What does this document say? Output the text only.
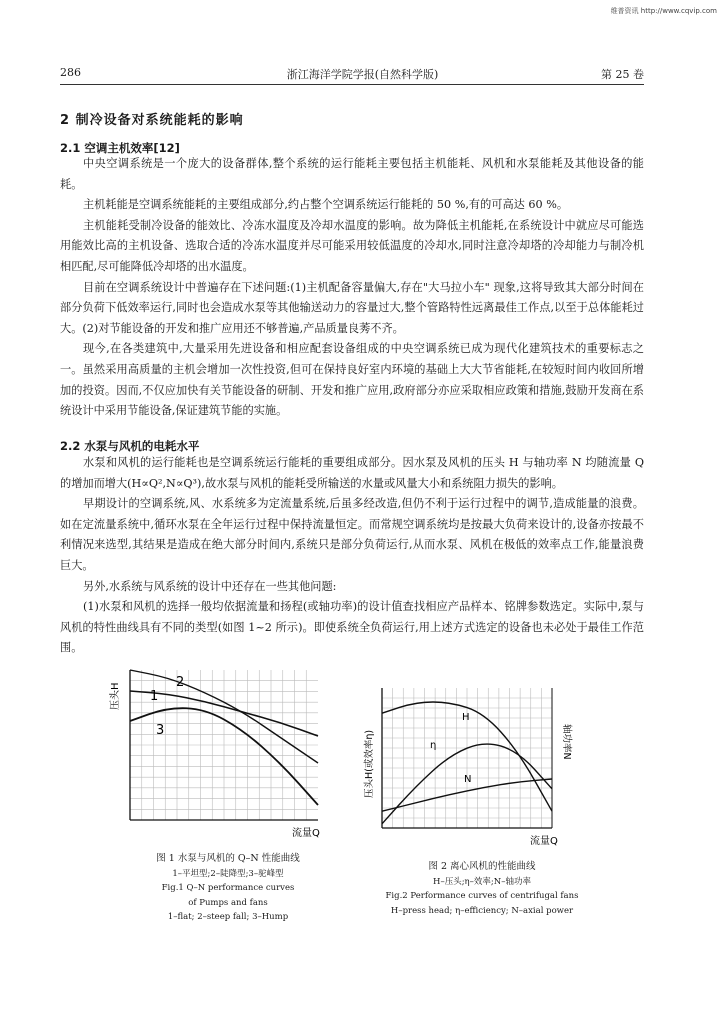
维普资讯 http://www.cqvip.com
286	浙江海洋学院学报(自然科学版)	第 25 卷
2 制冷设备对系统能耗的影响
2.1 空调主机效率[12]

中央空调系统是一个庞大的设备群体,整个系统的运行能耗主要包括主机能耗、风机和水泵能耗及其他设备的能耗。

主机耗能是空调系统能耗的主要组成部分,约占整个空调系统运行能耗的 50 %,有的可高达 60 %。

主机能耗受制冷设备的能效比、冷冻水温度及冷却水温度的影响。故为降低主机能耗,在系统设计中就应尽可能选用能效比高的主机设备、选取合适的冷冻水温度并尽可能采用较低温度的冷却水,同时注意冷却塔的冷却能力与制冷机相匹配,尽可能降低冷却塔的出水温度。

目前在空调系统设计中普遍存在下述问题:(1)主机配备容量偏大,存在"大马拉小车" 现象,这将导致其大部分时间在部分负荷下低效率运行,同时也会造成水泵等其他输送动力的容量过大,整个管路特性远离最佳工作点,以至于总体能耗过大。(2)对节能设备的开发和推广应用还不够普遍,产品质量良莠不齐。

现今,在各类建筑中,大量采用先进设备和相应配套设备组成的中央空调系统已成为现代化建筑技术的重要标志之一。虽然采用高质量的主机会增加一次性投资,但可在保持良好室内环境的基础上大大节省能耗,在较短时间内收回所增加的投资。因而,不仅应加快有关节能设备的研制、开发和推广应用,政府部分亦应采取相应政策和措施,鼓励开发商在系统设计中采用节能设备,保证建筑节能的实施。

2.2 水泵与风机的电耗水平

水泵和风机的运行能耗也是空调系统运行能耗的重要组成部分。因水泵及风机的压头 H 与轴功率 N 均随流量 Q 的增加而增大(H∝Q²,N∝Q³),故水泵与风机的能耗受所输送的水量或风量大小和系统阻力损失的影响。

早期设计的空调系统,风、水系统多为定流量系统,后虽多经改造,但仍不利于运行过程中的调节,造成能量的浪费。如在定流量系统中,循环水泵在全年运行过程中保持流量恒定。而常规空调系统均是按最大负荷来设计的,设备亦按最不利情况来选型,其结果是造成在绝大部分时间内,系统只是部分负荷运行,从而水泵、风机在极低的效率点工作,能量浪费巨大。

另外,水系统与风系统的设计中还存在一些其他问题:

(1)水泵和风机的选择一般均依据流量和扬程(或轴功率)的设计值查找相应产品样本、铭牌参数选定。实际中,泵与风机的特性曲线具有不同的类型(如图 1~2 所示)。即使系统全负荷运行,用上述方式选定的设备也未必处于最佳工作范围。

压头H
流量Q
1
2
3
图 1 水泵与风机的 Q–N 性能曲线
1–平坦型;2–陡降型;3–驼峰型
Fig.1 Q–N performance curves
of Pumps and fans
1–flat; 2–steep fall; 3–Hump
压头H(或效率η)	轴功率N
流量Q
H
η
N
图 2 离心风机的性能曲线
H–压头;η–效率;N–轴功率
Fig.2 Performance curves of centrifugal fans
H–press head; η–efficiency; N–axial power
